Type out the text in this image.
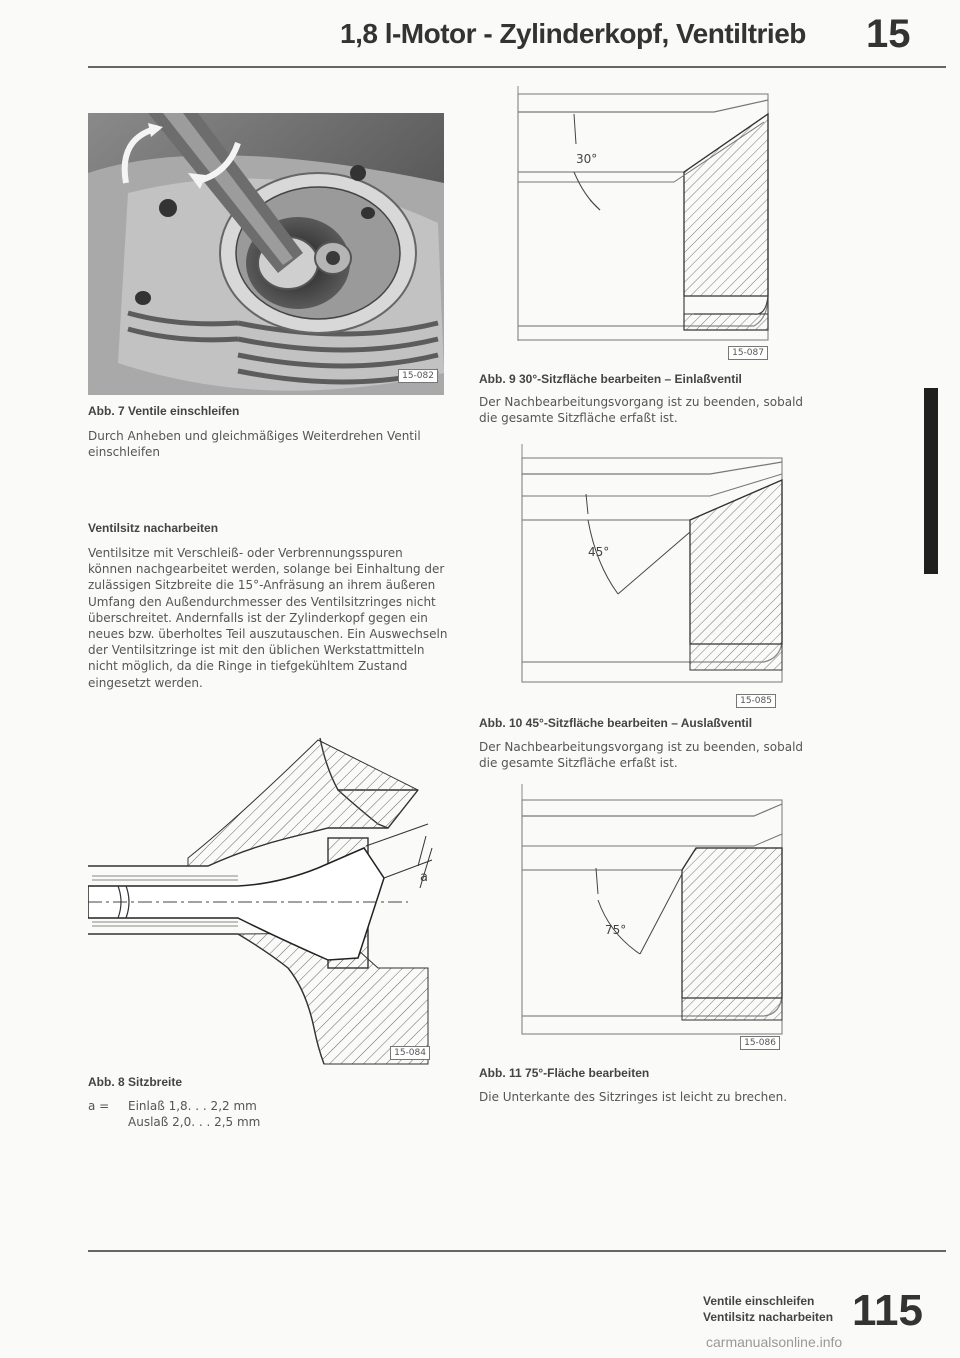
1,8 l-Motor - Zylinderkopf, Ventiltrieb 15
15-082
Abb. 7 Ventile einschleifen
Durch Anheben und gleichmäßiges Weiterdrehen Ventil einschleifen
Ventilsitz nacharbeiten
Ventilsitze mit Verschleiß- oder Verbrennungsspuren können nachgearbeitet werden, solange bei Einhaltung der zulässigen Sitzbreite die 15°-Anfräsung an ihrem äußeren Umfang den Außendurchmesser des Ventilsitzringes nicht überschreitet. Andernfalls ist der Zylinderkopf gegen ein neues bzw. überholtes Teil auszutauschen. Ein Auswechseln der Ventilsitzringe ist mit den üblichen Werkstattmitteln nicht möglich, da die Ringe in tiefgekühltem Zustand eingesetzt werden.
a
15-084
Abb. 8 Sitzbreite
a = Einlaß 1,8. . . 2,2 mm
Auslaß 2,0. . . 2,5 mm
30°
15-087
Abb. 9 30°-Sitzfläche bearbeiten – Einlaßventil
Der Nachbearbeitungsvorgang ist zu beenden, sobald die gesamte Sitzfläche erfaßt ist.
45°
15-085
Abb. 10 45°-Sitzfläche bearbeiten – Auslaßventil
Der Nachbearbeitungsvorgang ist zu beenden, sobald die gesamte Sitzfläche erfaßt ist.
75°
15-086
Abb. 11 75°-Fläche bearbeiten
Die Unterkante des Sitzringes ist leicht zu brechen.
Ventile einschleifen
Ventilsitz nacharbeiten 115
carmanualsonline.info
